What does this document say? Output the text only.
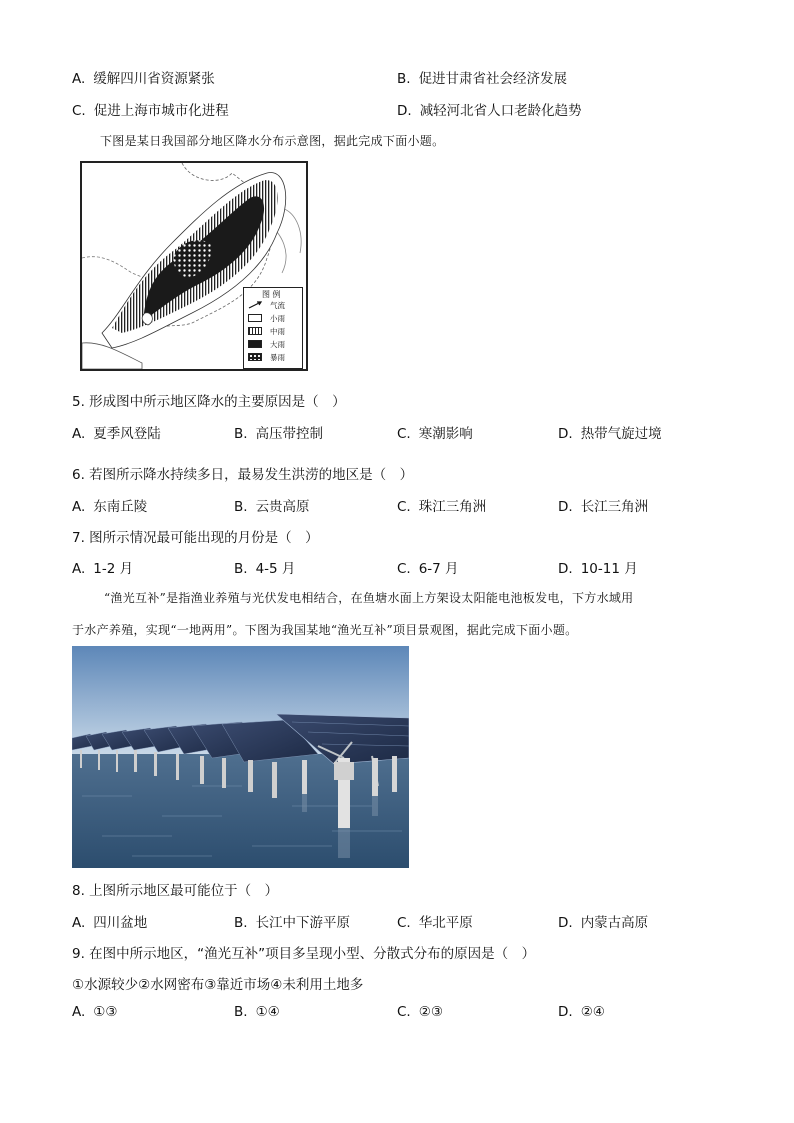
A. 缓解四川省资源紧张	B. 促进甘肃省社会经济发展
C. 促进上海市城市化进程	D. 减轻河北省人口老龄化趋势
下图是某日我国部分地区降水分布示意图，据此完成下面小题。
图 例
气流
小雨
中雨
大雨
暴雨
5. 形成图中所示地区降水的主要原因是（　）
A. 夏季风登陆	B. 高压带控制	C. 寒潮影响	D. 热带气旋过境
6. 若图所示降水持续多日，最易发生洪涝的地区是（　）
A. 东南丘陵	B. 云贵高原	C. 珠江三角洲	D. 长江三角洲
7. 图所示情况最可能出现的月份是（　）
A. 1-2 月	B. 4-5 月	C. 6-7 月	D. 10-11 月
“渔光互补”是指渔业养殖与光伏发电相结合，在鱼塘水面上方架设太阳能电池板发电，下方水域用
于水产养殖，实现“一地两用”。下图为我国某地“渔光互补”项目景观图，据此完成下面小题。
8. 上图所示地区最可能位于（　）
A. 四川盆地	B. 长江中下游平原	C. 华北平原	D. 内蒙古高原
9. 在图中所示地区，“渔光互补”项目多呈现小型、分散式分布的原因是（　）
①水源较少②水网密布③靠近市场④未利用土地多
A. ①③	B. ①④	C. ②③	D. ②④
